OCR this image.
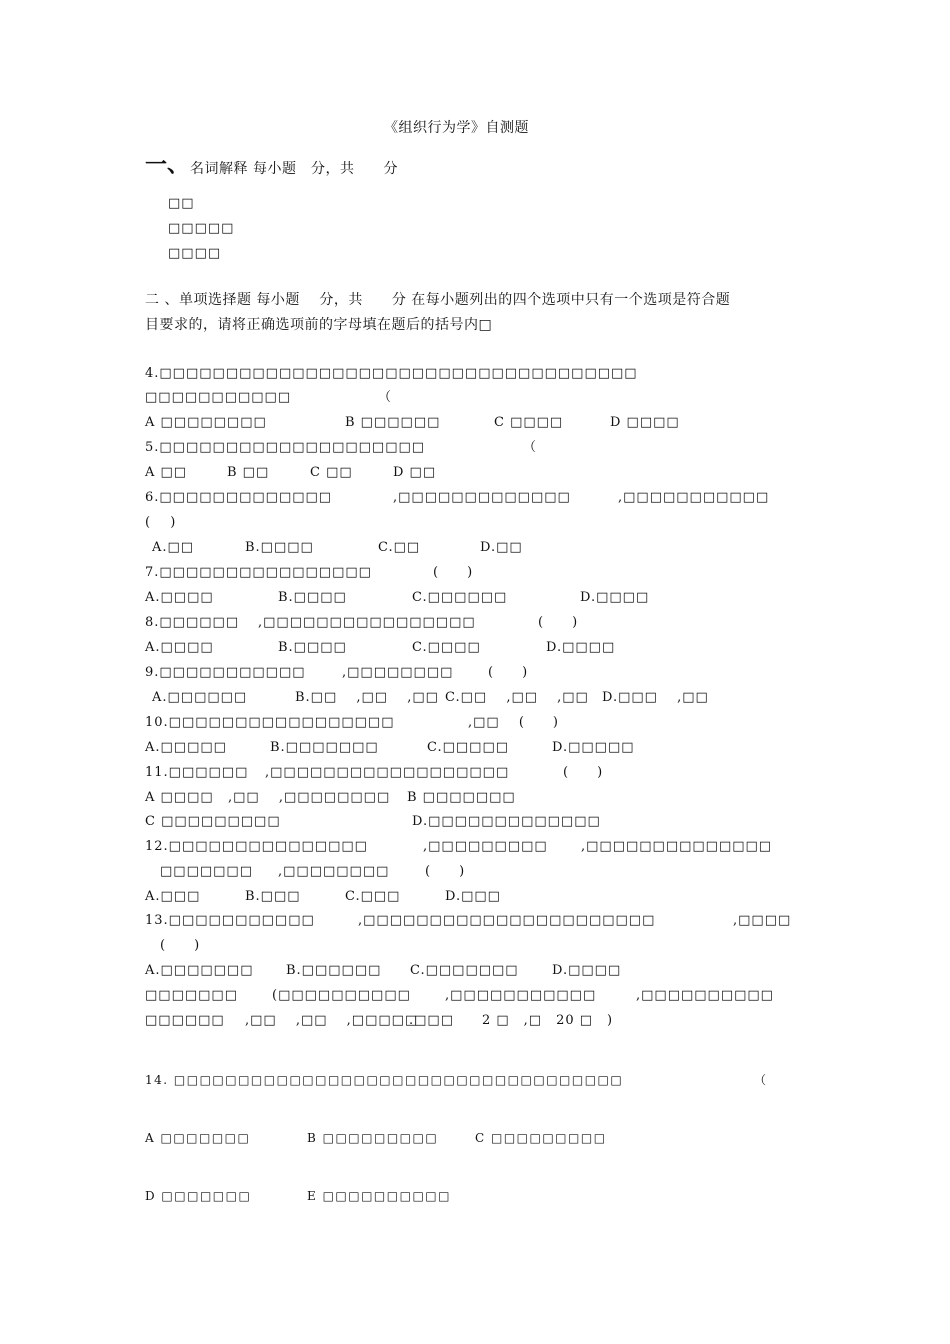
《组织行为学》自测题
一、 名词解释 每小题　分，共　　分
□□
□□□□□
□□□□
二 、单项选择题 每小题　 分，共　　分 在每小题列出的四个选项中只有一个选项是符合题
目要求的，请将正确选项前的字母填在题后的括号内□
4.□□□□□□□□□□□□□□□□□□□□□□□□□□□□□□□□□□□□
□□□□□□□□□□□	（
A □□□□□□□□	B □□□□□□	C □□□□	D □□□□
5.□□□□□□□□□□□□□□□□□□□□	（
A □□	B □□	C □□	D □□
6.□□□□□□□□□□□□□	,□□□□□□□□□□□□□	,□□□□□□□□□□□
(　 )
A.□□	B.□□□□	C.□□	D.□□
7.□□□□□□□□□□□□□□□□	(　　)
A.□□□□	B.□□□□	C.□□□□□□	D.□□□□
8.□□□□□□ ,□□□□□□□□□□□□□□□□	(　　)
A.□□□□	B.□□□□	C.□□□□	D.□□□□
9.□□□□□□□□□□□	,□□□□□□□□	(　　)
A.□□□□□□	B.□□　 ,□□　 ,□□ C.□□　 ,□□　 ,□□ D.□□□　 ,□□
10.□□□□□□□□□□□□□□□□□	,□□　 (　　)
A.□□□□□	B.□□□□□□□	C.□□□□□	D.□□□□□
11.□□□□□□ ,□□□□□□□□□□□□□□□□□□	(　　)
A □□□□ ,□□　 ,□□□□□□□□ B □□□□□□□
C □□□□□□□□□	D.□□□□□□□□□□□□□
12.□□□□□□□□□□□□□□□	,□□□□□□□□□	,□□□□□□□□□□□□□□
□□□□□□□ ,□□□□□□□□	(　　)
A.□□□	B.□□□	C.□□□	D.□□□
13.□□□□□□□□□□□	,□□□□□□□□□□□□□□□□□□□□□□	,□□□□
(　　)
A.□□□□□□□	B.□□□□□□ C.□□□□□□□	D.□□□□
□□□□□□□	(□□□□□□□□□□	,□□□□□□□□□□□	,□□□□□□□□□□
□□□□□□ ,□□　 ,□□　 ,□□□□□
.□□□　　2 □　,□　20 □　)
14. □□□□□□□□□□□□□□□□□□□□□□□□□□□□□□□□□□□	（
A □□□□□□□	B □□□□□□□□□	C □□□□□□□□□
D □□□□□□□	E □□□□□□□□□□
